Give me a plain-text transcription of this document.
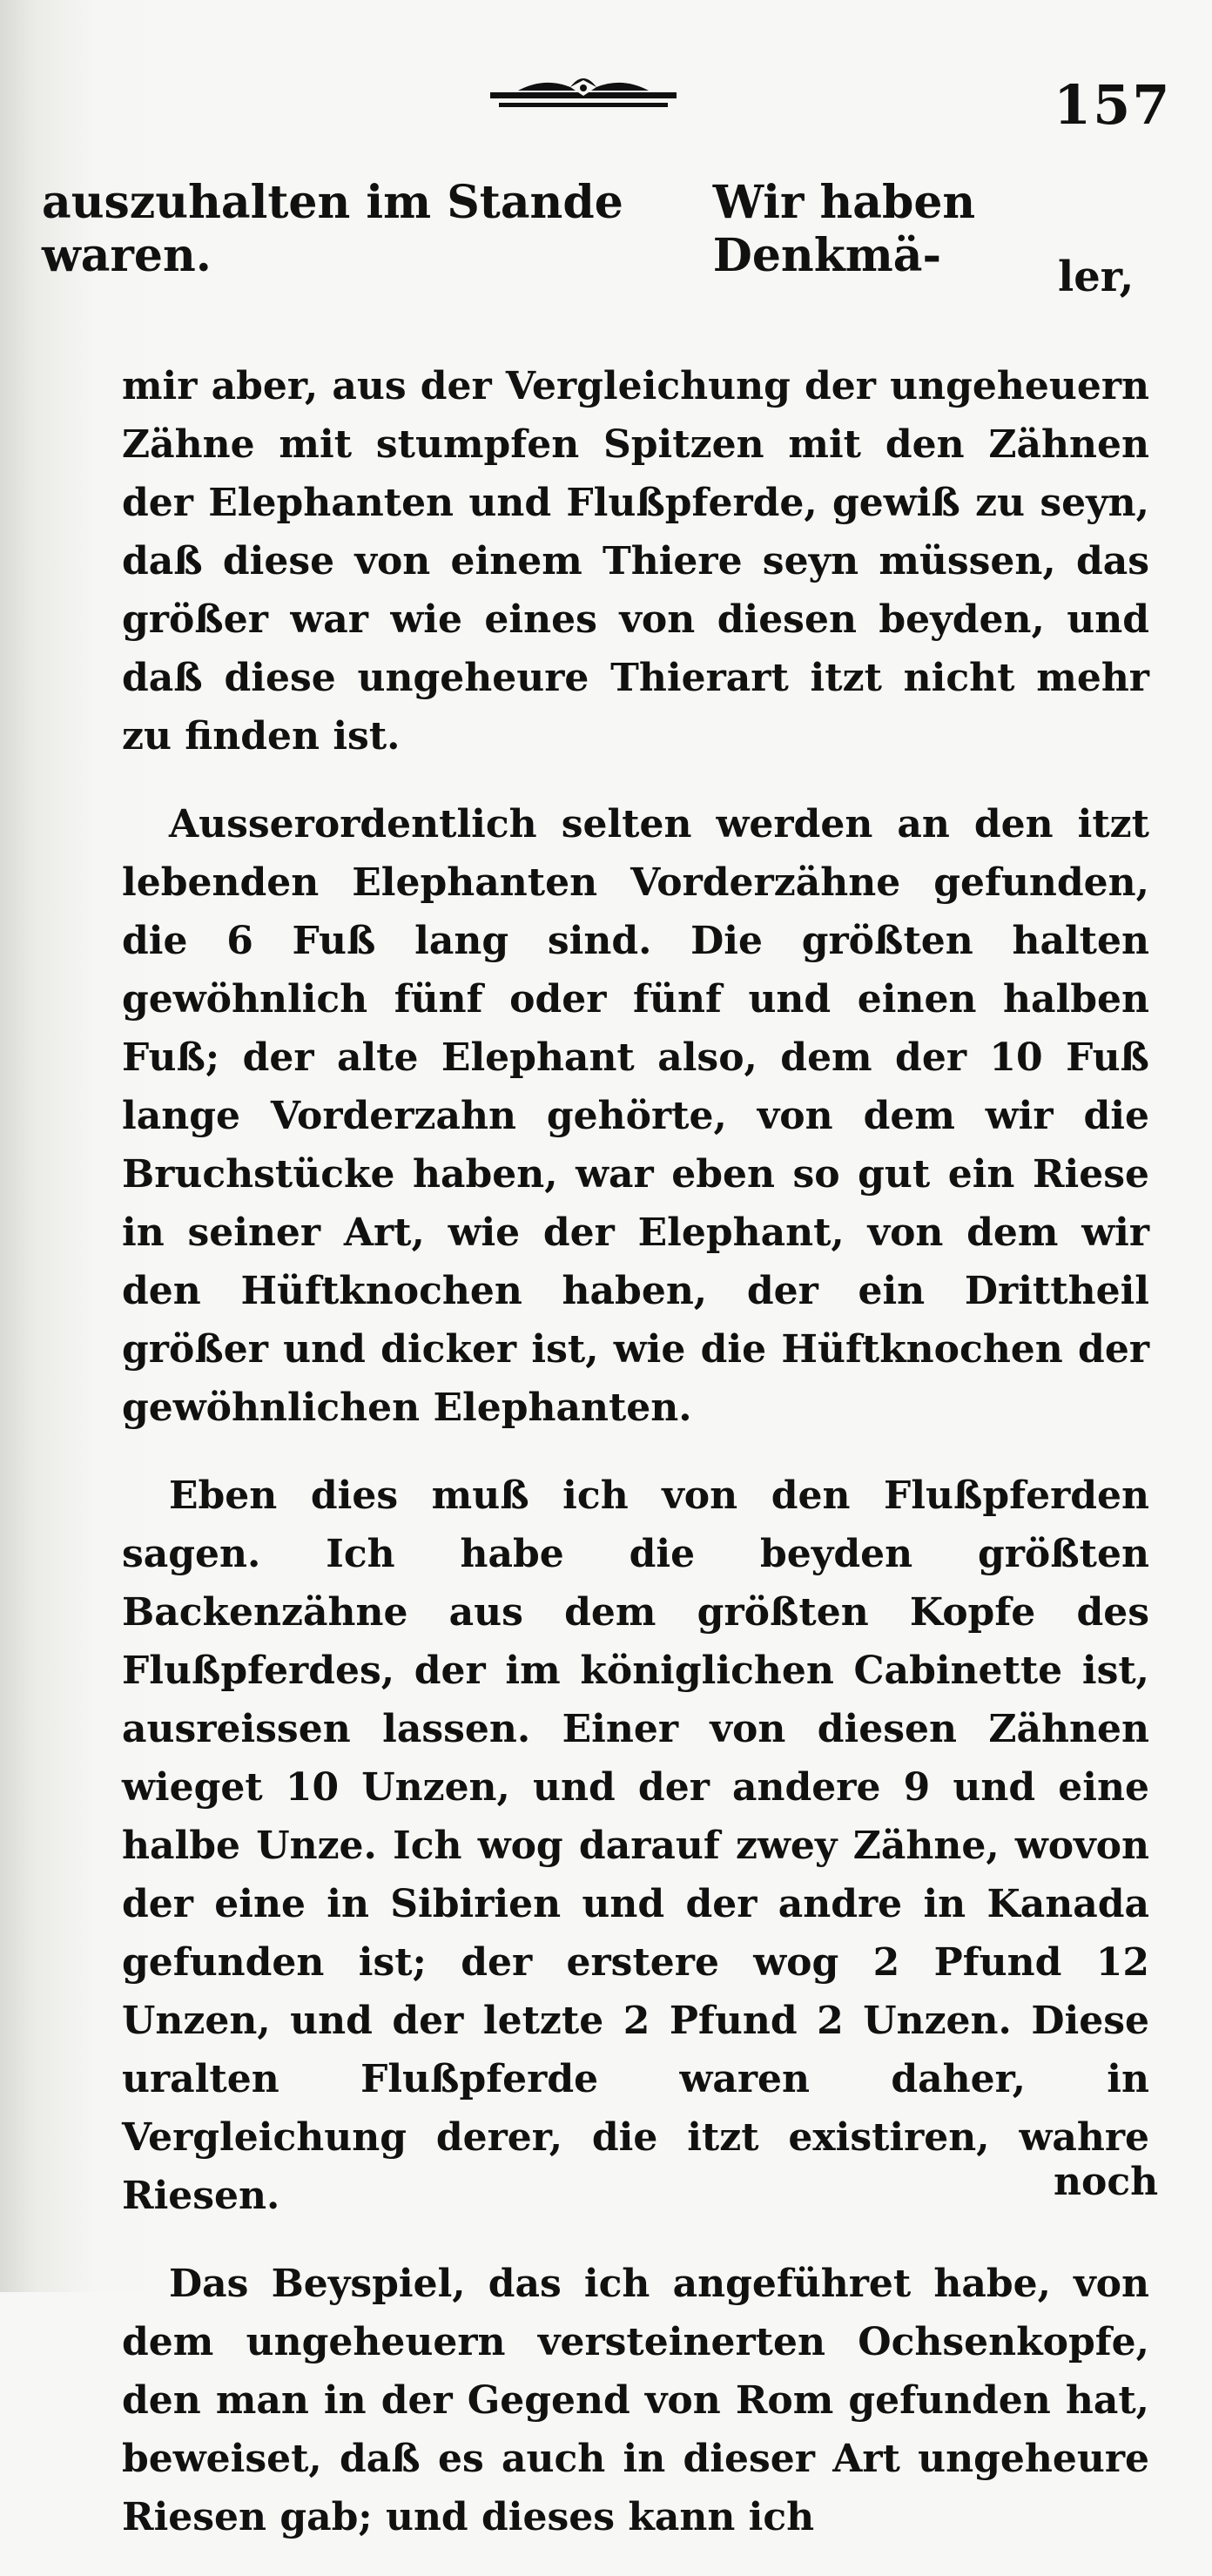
157
auszuhalten im Stande waren.
Wir haben Denkmä-	ler,

mir aber, aus der Vergleichung der ungeheuern Zähne mit stumpfen Spitzen mit den Zähnen der Elephanten und Flußpferde, gewiß zu seyn, daß diese von einem Thiere seyn müssen, das größer war wie eines von diesen beyden, und daß diese ungeheure Thierart itzt nicht mehr zu finden ist.

Ausserordentlich selten werden an den itzt lebenden Elephanten Vorderzähne gefunden, die 6 Fuß lang sind. Die größten halten gewöhnlich fünf oder fünf und einen halben Fuß; der alte Elephant also, dem der 10 Fuß lange Vorderzahn gehörte, von dem wir die Bruchstücke haben, war eben so gut ein Riese in seiner Art, wie der Elephant, von dem wir den Hüftknochen haben, der ein Drittheil größer und dicker ist, wie die Hüftknochen der gewöhnlichen Elephanten.

Eben dies muß ich von den Flußpferden sagen. Ich habe die beyden größten Backenzähne aus dem größten Kopfe des Flußpferdes, der im königlichen Cabinette ist, ausreissen lassen. Einer von diesen Zähnen wieget 10 Unzen, und der andere 9 und eine halbe Unze. Ich wog darauf zwey Zähne, wovon der eine in Sibirien und der andre in Kanada gefunden ist; der erstere wog 2 Pfund 12 Unzen, und der letzte 2 Pfund 2 Unzen. Diese uralten Flußpferde waren daher, in Vergleichung derer, die itzt existiren, wahre Riesen.

Das Beyspiel, das ich angeführet habe, von dem ungeheuern versteinerten Ochsenkopfe, den man in der Gegend von Rom gefunden hat, beweiset, daß es auch in dieser Art ungeheure Riesen gab; und dieses kann ich

noch
